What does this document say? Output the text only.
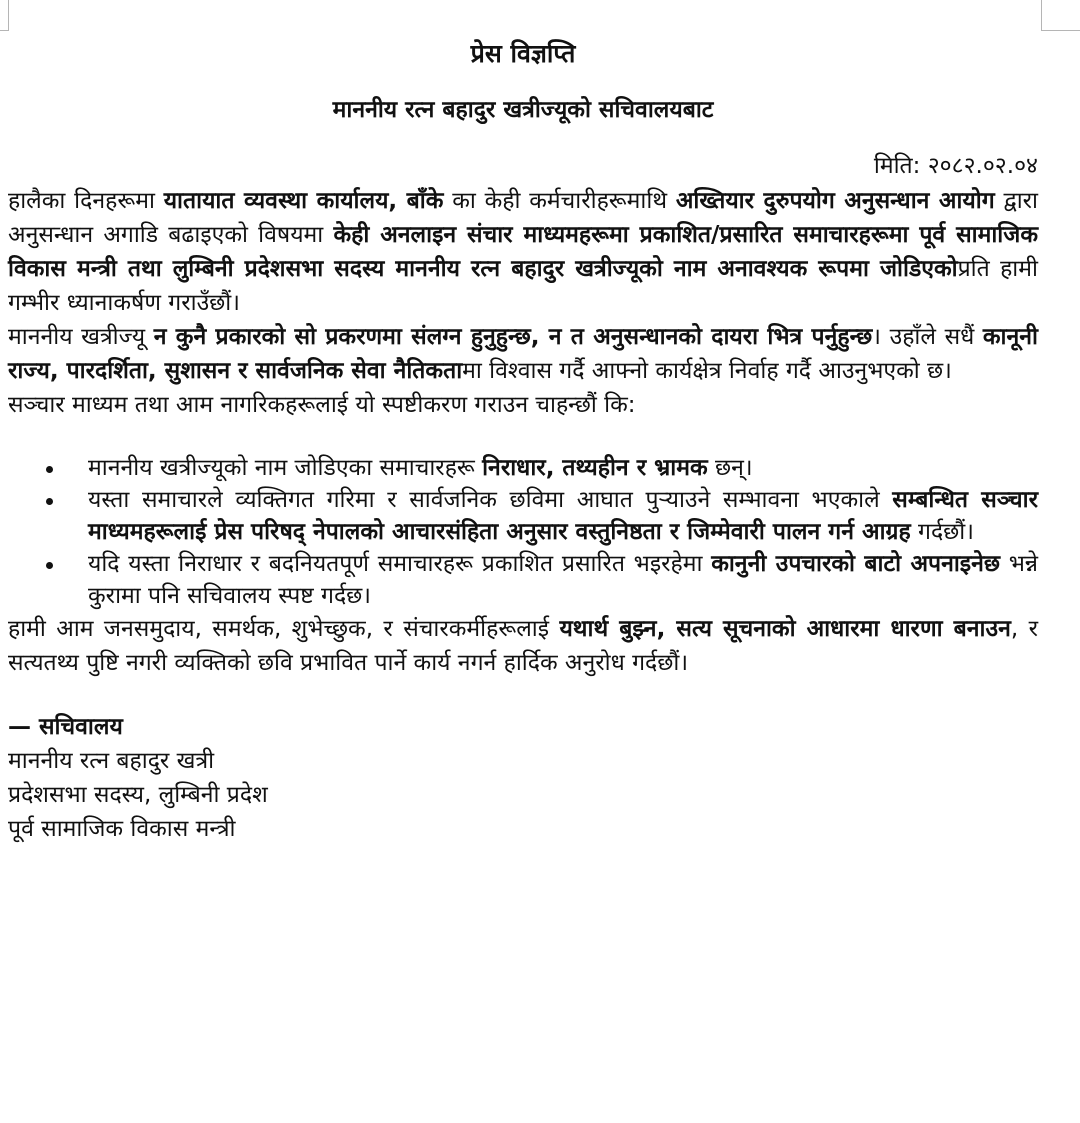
प्रेस विज्ञप्ति
माननीय रत्न बहादुर खत्रीज्यूको सचिवालयबाट
मिति: २०८२.०२.०४

हालैका दिनहरूमा यातायात व्यवस्था कार्यालय, बाँके का केही कर्मचारीहरूमाथि अख्तियार दुरुपयोग अनुसन्धान आयोग द्वारा अनुसन्धान अगाडि बढाइएको विषयमा केही अनलाइन संचार माध्यमहरूमा प्रकाशित/प्रसारित समाचारहरूमा पूर्व सामाजिक विकास मन्त्री तथा लुम्बिनी प्रदेशसभा सदस्य माननीय रत्न बहादुर खत्रीज्यूको नाम अनावश्यक रूपमा जोडिएकोप्रति हामी गम्भीर ध्यानाकर्षण गराउँछौं।

माननीय खत्रीज्यू न कुनै प्रकारको सो प्रकरणमा संलग्न हुनुहुन्छ, न त अनुसन्धानको दायरा भित्र पर्नुहुन्छ। उहाँले सधैं कानूनी राज्य, पारदर्शिता, सुशासन र सार्वजनिक सेवा नैतिकतामा विश्वास गर्दै आफ्नो कार्यक्षेत्र निर्वाह गर्दै आउनुभएको छ।

सञ्चार माध्यम तथा आम नागरिकहरूलाई यो स्पष्टीकरण गराउन चाहन्छौं कि:

माननीय खत्रीज्यूको नाम जोडिएका समाचारहरू निराधार, तथ्यहीन र भ्रामक छन्।
यस्ता समाचारले व्यक्तिगत गरिमा र सार्वजनिक छविमा आघात पुर्‍याउने सम्भावना भएकाले सम्बन्धित सञ्चार माध्यमहरूलाई प्रेस परिषद् नेपालको आचारसंहिता अनुसार वस्तुनिष्ठता र जिम्मेवारी पालन गर्न आग्रह गर्दछौं।
यदि यस्ता निराधार र बदनियतपूर्ण समाचारहरू प्रकाशित प्रसारित भइरहेमा कानुनी उपचारको बाटो अपनाइनेछ भन्ने कुरामा पनि सचिवालय स्पष्ट गर्दछ।

हामी आम जनसमुदाय, समर्थक, शुभेच्छुक, र संचारकर्मीहरूलाई यथार्थ बुझ्न, सत्य सूचनाको आधारमा धारणा बनाउन, र सत्यतथ्य पुष्टि नगरी व्यक्तिको छवि प्रभावित पार्ने कार्य नगर्न हार्दिक अनुरोध गर्दछौं।

— सचिवालय
माननीय रत्न बहादुर खत्री
प्रदेशसभा सदस्य, लुम्बिनी प्रदेश
पूर्व सामाजिक विकास मन्त्री
